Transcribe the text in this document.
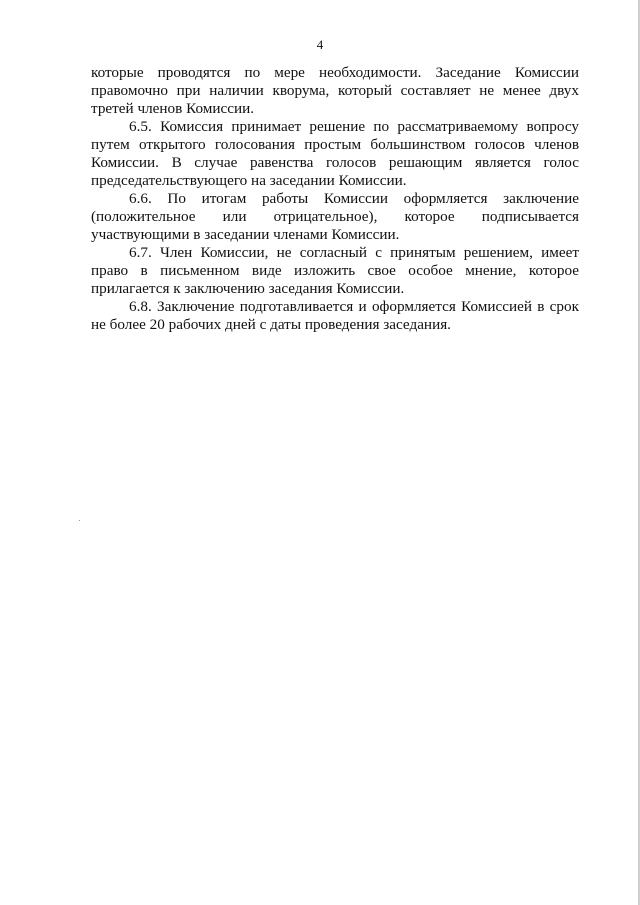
4

которые проводятся по мере необходимости. Заседание Комиссии правомочно при наличии кворума, который составляет не менее двух третей членов Комиссии.

6.5. Комиссия принимает решение по рассматриваемому вопросу путем открытого голосования простым большинством голосов членов Комиссии. В случае равенства голосов решающим является голос председательствующего на заседании Комиссии.

6.6. По итогам работы Комиссии оформляется заключение (положительное или отрицательное), которое подписывается участвующими в заседании членами Комиссии.

6.7. Член Комиссии, не согласный с принятым решением, имеет право в письменном виде изложить свое особое мнение, которое прилагается к заключению заседания Комиссии.

6.8. Заключение подготавливается и оформляется Комиссией в срок не более 20 рабочих дней с даты проведения заседания.
